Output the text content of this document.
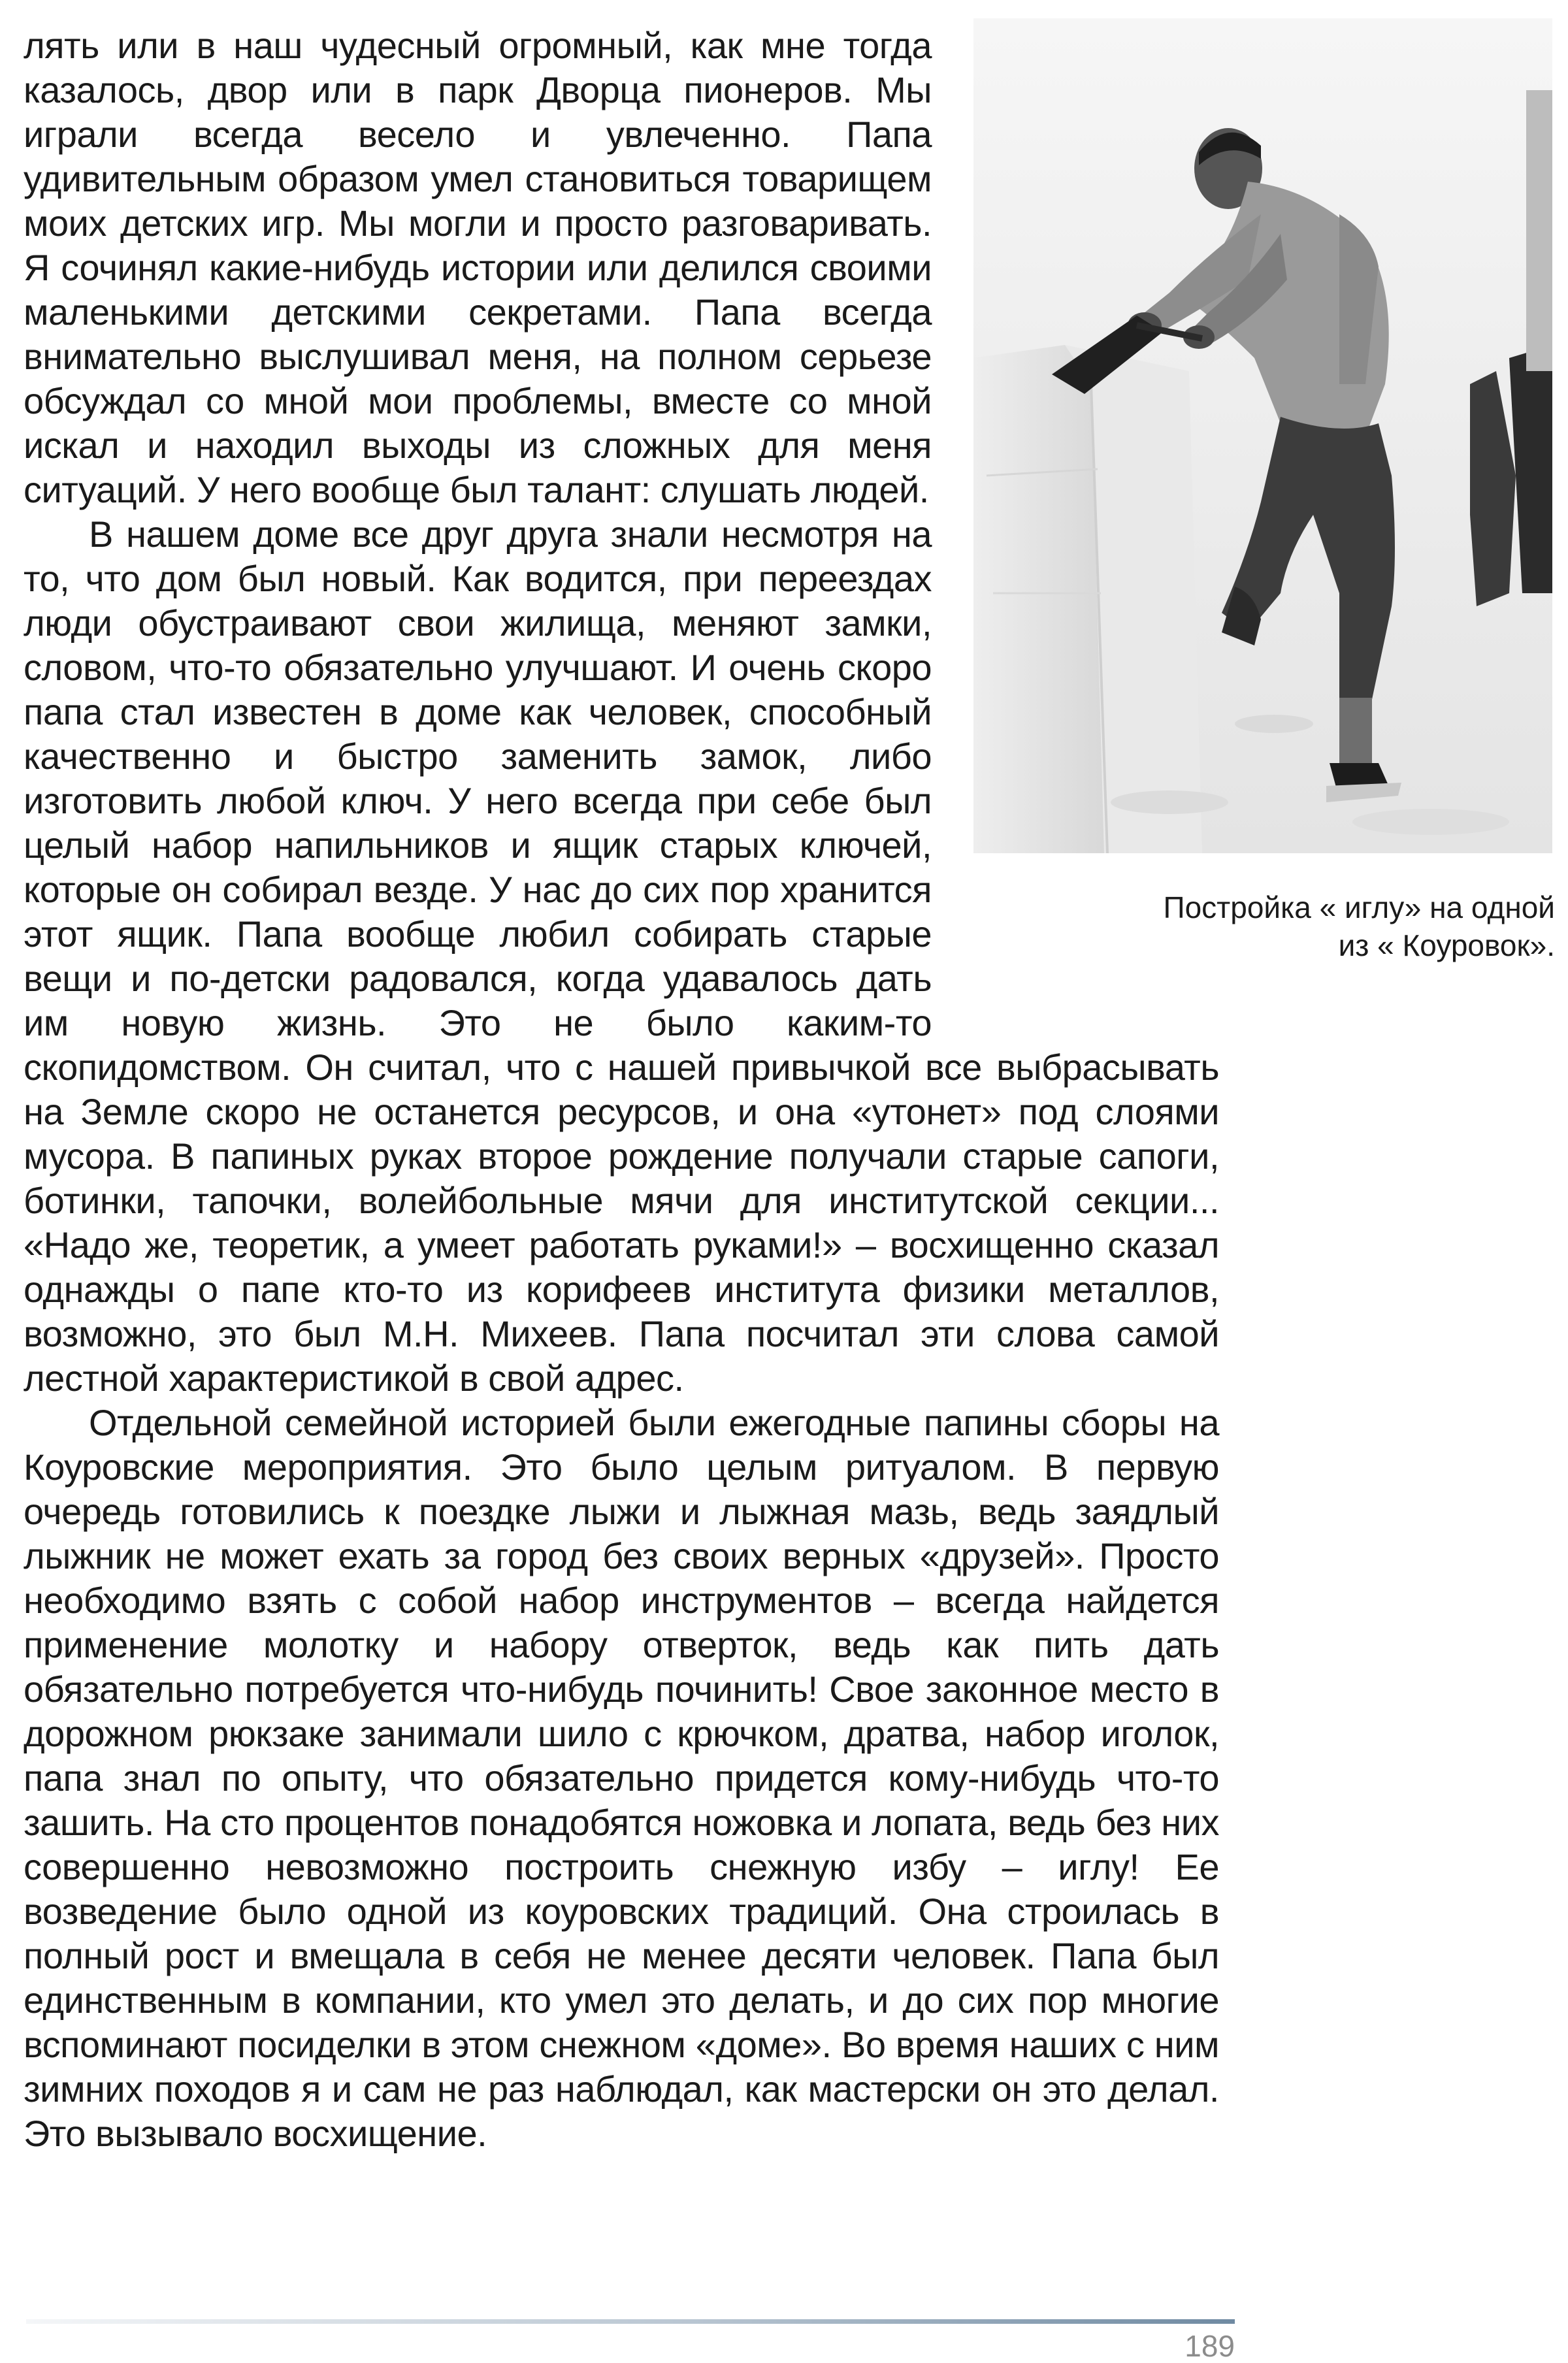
Постройка « иглу» на одной
из « Коуровок».

лять или в наш чудесный огромный, как мне тогда казалось, двор или в парк Дворца пионеров. Мы играли всегда весело и увлеченно. Папа удивительным образом умел становиться товарищем моих детских игр. Мы могли и просто разговаривать. Я сочинял какие-нибудь истории или делился своими маленькими детскими секретами. Папа всегда внимательно выслушивал меня, на полном серьезе обсуждал со мной мои проблемы, вместе со мной искал и находил выходы из сложных для меня ситуаций. У него вообще был талант: слушать людей.

В нашем доме все друг друга знали несмотря на то, что дом был новый. Как водится, при переездах люди обустраивают свои жилища, меняют замки, словом, что-то обязательно улучшают. И очень скоро папа стал известен в доме как человек, способный качественно и быстро заменить замок, либо изготовить любой ключ. У него всегда при себе был целый набор напильников и ящик старых ключей, которые он собирал везде. У нас до сих пор хранится этот ящик. Папа вообще любил собирать старые вещи и по-детски радовался, когда удавалось дать им новую жизнь. Это не было каким-то скопидомством. Он считал, что с нашей привычкой все выбрасывать на Земле скоро не останется ресурсов, и она «утонет» под слоями мусора. В папиных руках второе рождение получали старые сапоги, ботинки, тапочки, волейбольные мячи для институтской секции... «Надо же, теоретик, а умеет работать руками!» – восхищенно сказал однажды о папе кто-то из корифеев института физики металлов, возможно, это был М.Н. Михеев. Папа посчитал эти слова самой лестной характеристикой в свой адрес.

Отдельной семейной историей были ежегодные папины сборы на Коуровские мероприятия. Это было целым ритуалом. В первую очередь готовились к поездке лыжи и лыжная мазь, ведь заядлый лыжник не может ехать за город без своих верных «друзей». Просто необходимо взять с собой набор инструментов – всегда найдется применение молотку и набору отверток, ведь как пить дать обязательно потребуется что-нибудь починить! Свое законное место в дорожном рюкзаке занимали шило с крючком, дратва, набор иголок, папа знал по опыту, что обязательно придется кому-нибудь что-то зашить. На сто процентов понадобятся ножовка и лопата, ведь без них совершенно невозможно построить снежную избу – иглу! Ее возведение было одной из коуровских традиций. Она строилась в полный рост и вмещала в себя не менее десяти человек. Папа был единственным в компании, кто умел это делать, и до сих пор многие вспоминают посиделки в этом снежном «доме». Во время наших с ним зимних походов я и сам не раз наблюдал, как мастерски он это делал. Это вызывало восхищение.

189
